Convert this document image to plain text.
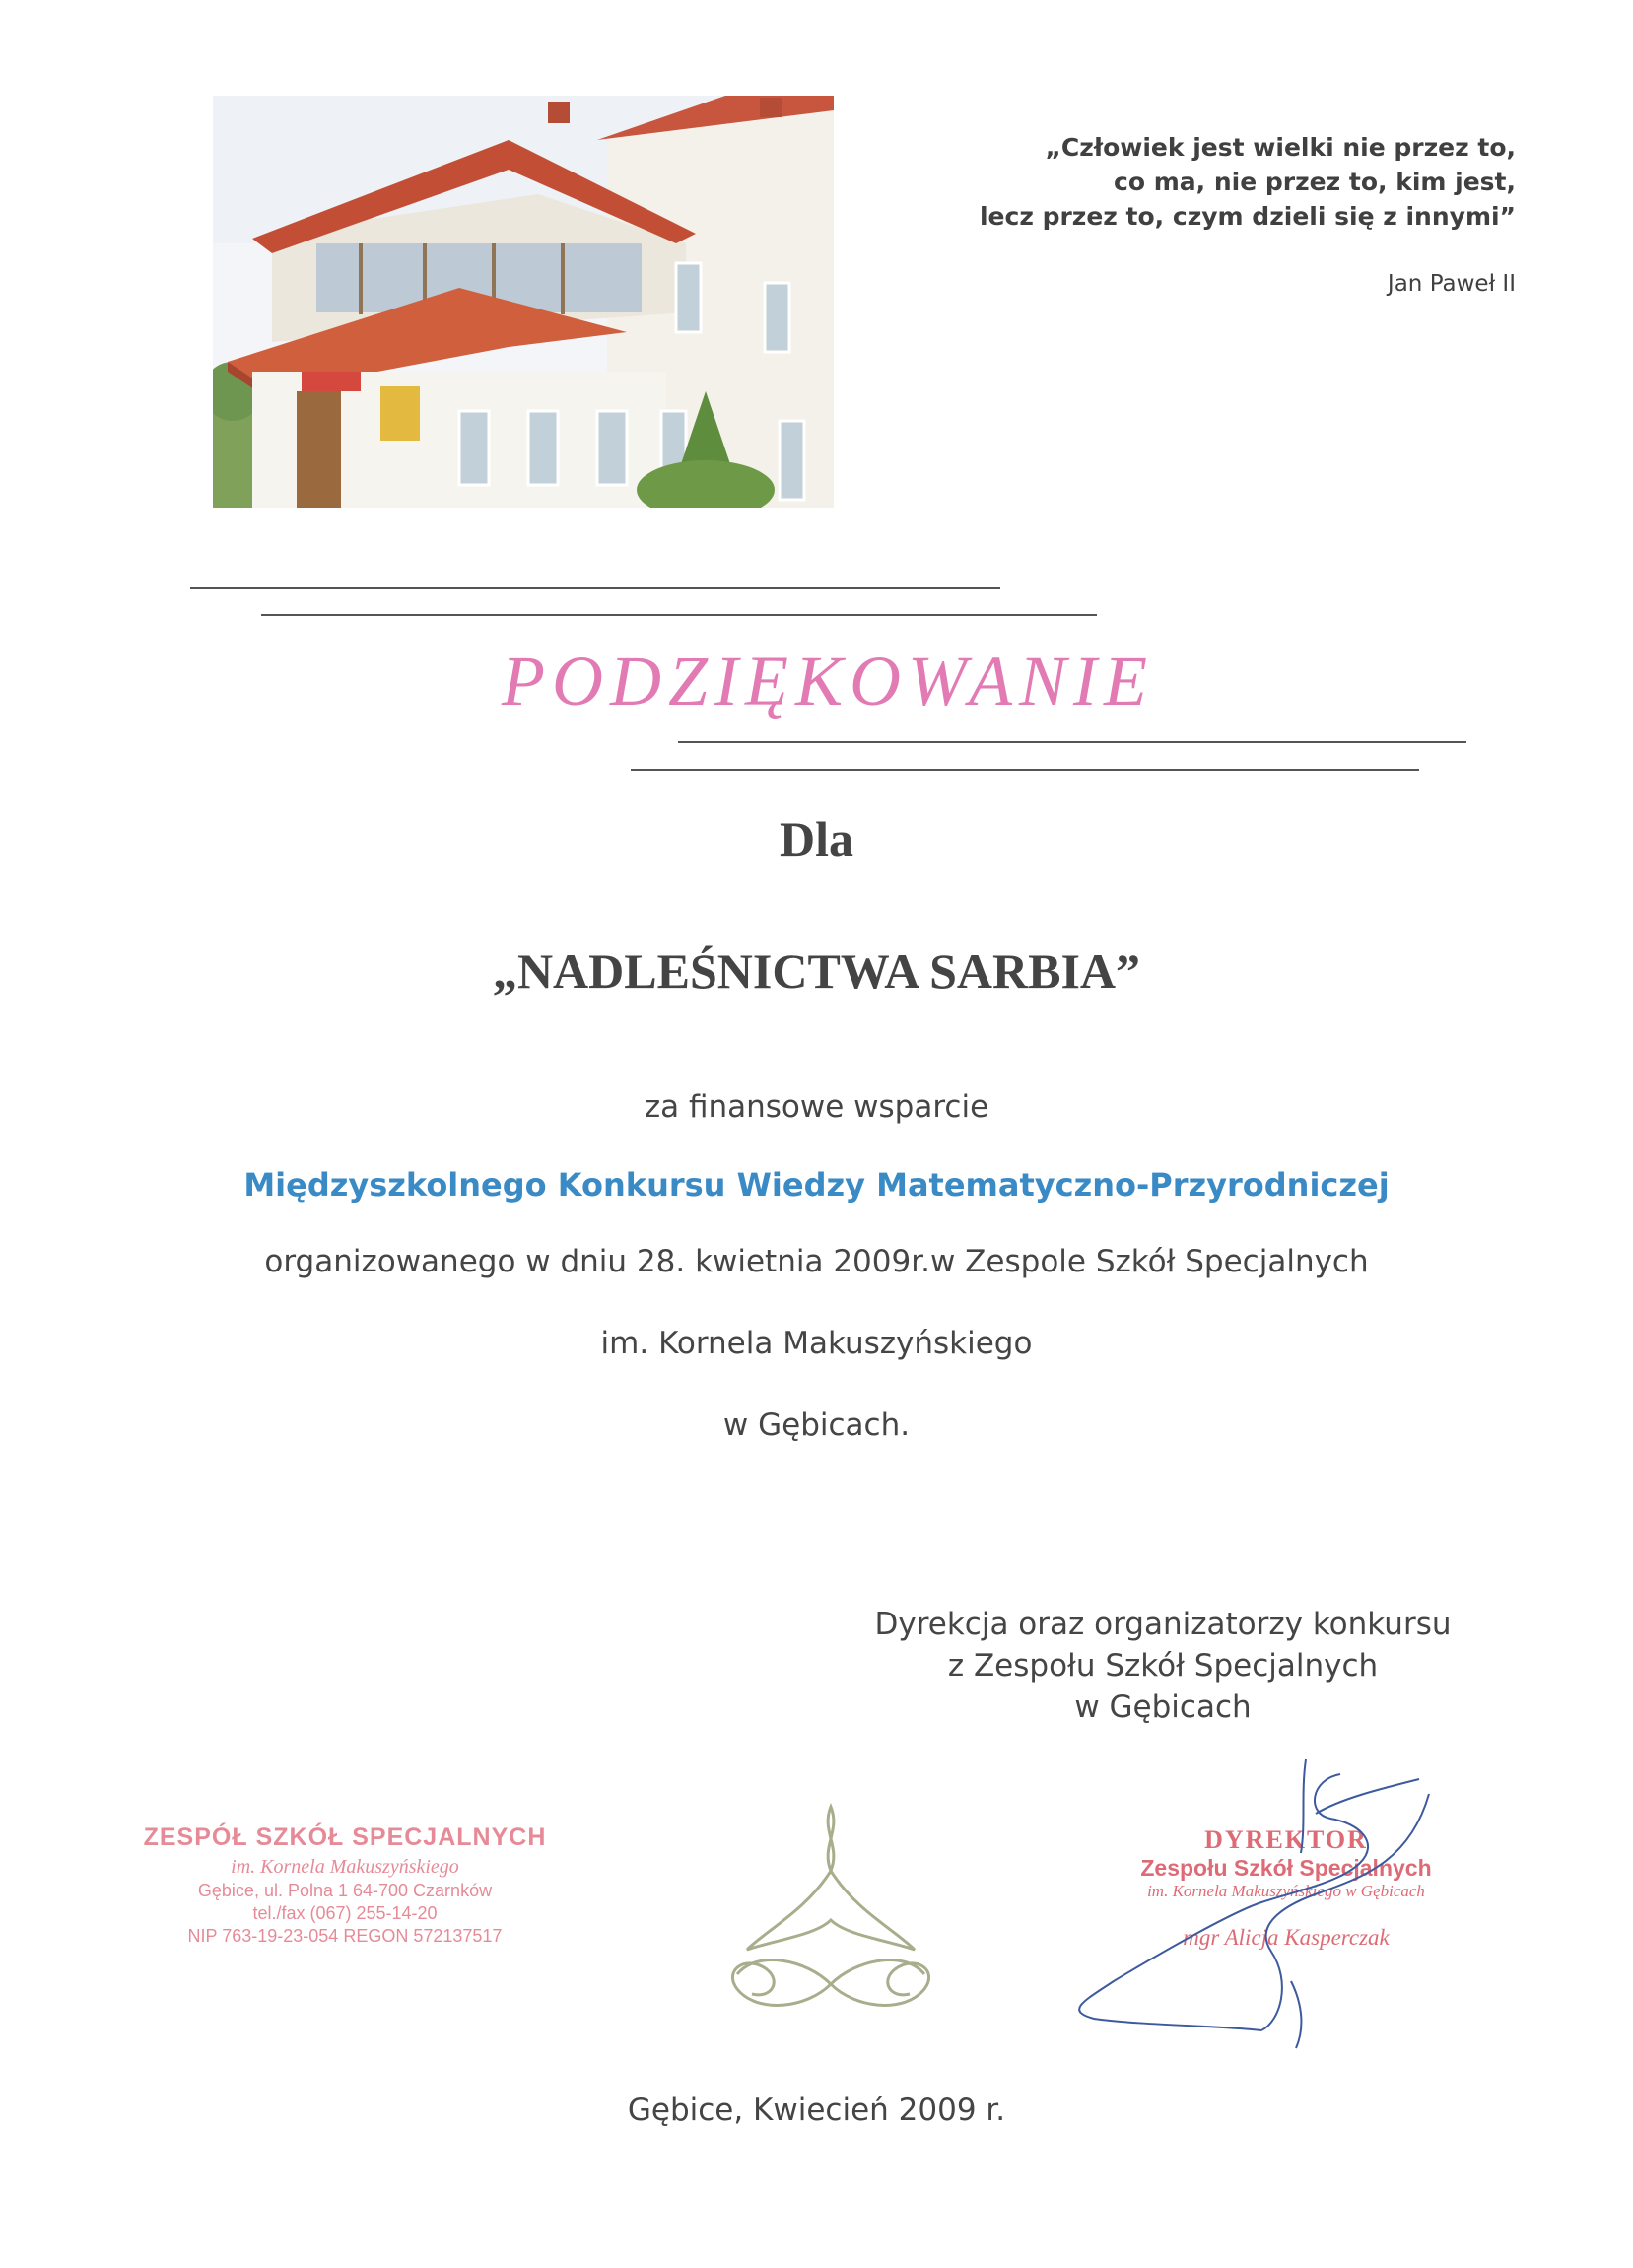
„Człowiek jest wielki nie przez to,
co ma, nie przez to, kim jest,
lecz przez to, czym dzieli się z innymi”
Jan Paweł II
PODZIĘKOWANIE
Dla
„NADLEŚNICTWA SARBIA”
za finansowe wsparcie
Międzyszkolnego Konkursu Wiedzy Matematyczno-Przyrodniczej
organizowanego w dniu 28. kwietnia 2009r.w Zespole Szkół Specjalnych
im. Kornela Makuszyńskiego
w Gębicach.
Dyrekcja oraz organizatorzy konkursu
z Zespołu Szkół Specjalnych
w Gębicach
ZESPÓŁ SZKÓŁ SPECJALNYCH
im. Kornela Makuszyńskiego
Gębice, ul. Polna 1 64-700 Czarnków
tel./fax (067) 255-14-20
NIP 763-19-23-054 REGON 572137517
DYREKTOR
Zespołu Szkół Specjalnych
im. Kornela Makuszyńskiego w Gębicach
mgr Alicja Kasperczak
Gębice, Kwiecień 2009 r.
